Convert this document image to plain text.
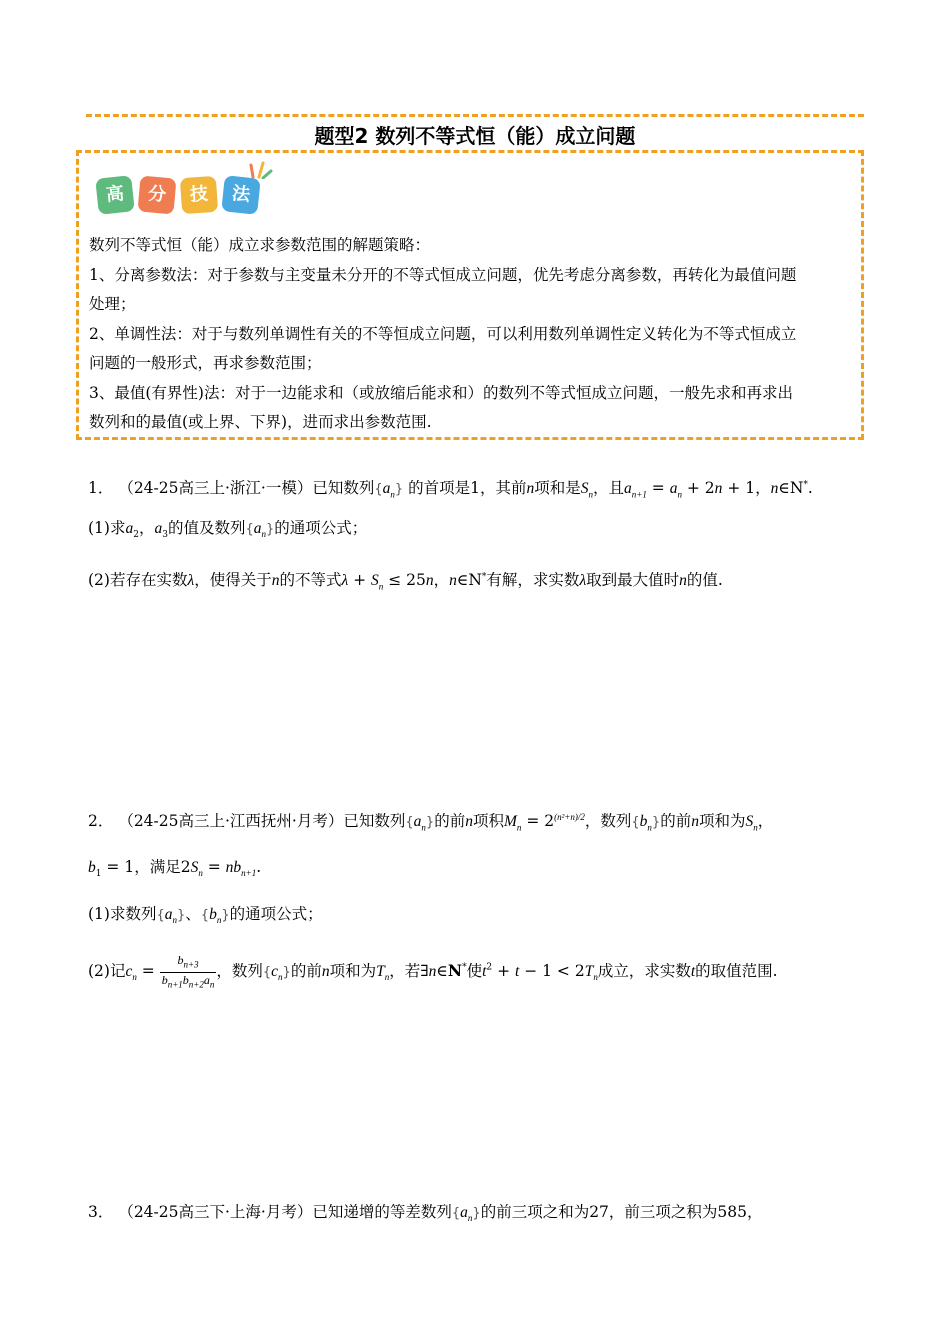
题型2 数列不等式恒（能）成立问题
高	分	技	法
数列不等式恒（能）成立求参数范围的解题策略：
1、分离参数法：对于参数与主变量未分开的不等式恒成立问题，优先考虑分离参数，再转化为最值问题
处理；
2、单调性法：对于与数列单调性有关的不等恒成立问题，可以利用数列单调性定义转化为不等式恒成立
问题的一般形式，再求参数范围；
3、最值(有界性)法：对于一边能求和（或放缩后能求和）的数列不等式恒成立问题，一般先求和再求出
数列和的最值(或上界、下界)，进而求出参数范围.
1． （24-25高三上·浙江·一模）已知数列$\{a_n\}$ 的首项是1，其前n项和是$S_n$，且$a_{n+1} = a_n + 2n + 1$，n∈N*.
(1)求$a_2$，$a_3$的值及数列$\{a_n\}$的通项公式；
(2)若存在实数λ，使得关于n的不等式$\lambda + S_n \le 25n$，n∈N*有解，求实数λ取到最大值时n的值.
2． （24-25高三上·江西抚州·月考）已知数列$\{a_n\}$的前n项积$M_n = 2^{(n^2+n)/2}$，数列$\{b_n\}$的前n项和为$S_n$，
$b_1 = 1$，满足$2S_n = nb_{n+1}$.
(1)求数列$\{a_n\}$、$\{b_n\}$的通项公式；
(2)记$c_n = \frac{b_{n+3}}{b_{n+1}b_{n+2}a_n}$ ，数列$\{c_n\}$的前n项和为$T_n$，若∃n∈N*使$t^2 + t - 1 < 2T_n$成立，求实数t的取值范围.
3． （24-25高三下·上海·月考）已知递增的等差数列$\{a_n\}$的前三项之和为27，前三项之积为585，
